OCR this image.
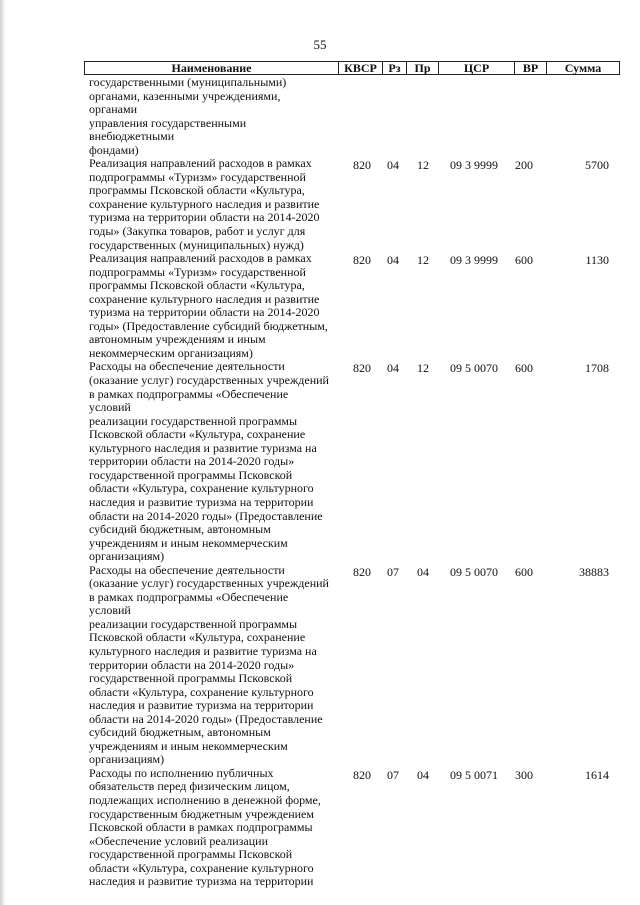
55
Наименование	КВСР Рз	Пр	ЦСР	ВР	Сумма
государственными (муниципальными)
органами, казенными учреждениями, органами
управления государственными внебюджетными
фондами)
Реализация направлений расходов в рамках
подпрограммы «Туризм» государственной
программы Псковской области «Культура,
сохранение культурного наследия и развитие
туризма на территории области на 2014-2020
годы» (Закупка товаров, работ и услуг для
государственных (муниципальных) нужд)
820	04	12	09 3 9999	200	5700
Реализация направлений расходов в рамках
подпрограммы «Туризм» государственной
программы Псковской области «Культура,
сохранение культурного наследия и развитие
туризма на территории области на 2014-2020
годы» (Предоставление субсидий бюджетным,
автономным учреждениям и иным
некоммерческим организациям)
820	04	12	09 3 9999	600	1130
Расходы на обеспечение деятельности
(оказание услуг) государственных учреждений
в рамках подпрограммы «Обеспечение условий
реализации государственной программы
Псковской области «Культура, сохранение
культурного наследия и развитие туризма на
территории области на 2014-2020 годы»
государственной программы Псковской
области «Культура, сохранение культурного
наследия и развитие туризма на территории
области на 2014-2020 годы» (Предоставление
субсидий бюджетным, автономным
учреждениям и иным некоммерческим
организациям)
820	04	12	09 5 0070	600	1708
Расходы на обеспечение деятельности
(оказание услуг) государственных учреждений
в рамках подпрограммы «Обеспечение условий
реализации государственной программы
Псковской области «Культура, сохранение
культурного наследия и развитие туризма на
территории области на 2014-2020 годы»
государственной программы Псковской
области «Культура, сохранение культурного
наследия и развитие туризма на территории
области на 2014-2020 годы» (Предоставление
субсидий бюджетным, автономным
учреждениям и иным некоммерческим
организациям)
820	07	04	09 5 0070	600	38883
Расходы по исполнению публичных
обязательств перед физическим лицом,
подлежащих исполнению в денежной форме,
государственным бюджетным учреждением
Псковской области в рамках подпрограммы
«Обеспечение условий реализации
государственной программы Псковской
области «Культура, сохранение культурного
наследия и развитие туризма на территории
820	07	04	09 5 0071	300	1614
